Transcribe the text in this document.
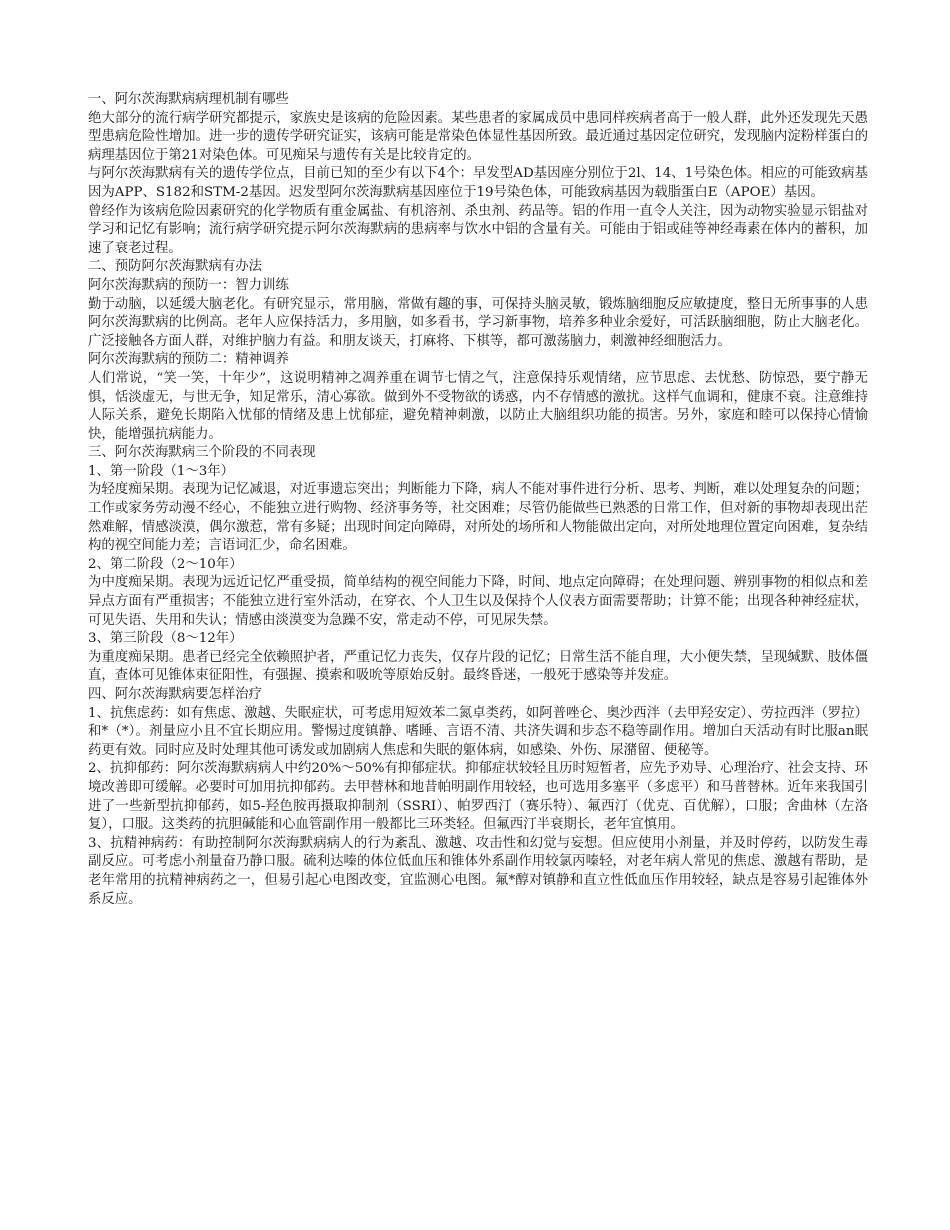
一、阿尔茨海默病病理机制有哪些

绝大部分的流行病学研究都提示，家族史是该病的危险因素。某些患者的家属成员中患同样疾病者高于一般人群，此外还发现先天愚型患病危险性增加。进一步的遗传学研究证实，该病可能是常染色体显性基因所致。最近通过基因定位研究，发现脑内淀粉样蛋白的病理基因位于第21对染色体。可见痴呆与遗传有关是比较肯定的。

与阿尔茨海默病有关的遗传学位点，目前已知的至少有以下4个：早发型AD基因座分别位于2l、14、1号染色体。相应的可能致病基因为APP、S182和STM-2基因。迟发型阿尔茨海默病基因座位于19号染色体，可能致病基因为载脂蛋白E（APOE）基因。

曾经作为该病危险因素研究的化学物质有重金属盐、有机溶剂、杀虫剂、药品等。铝的作用一直令人关注，因为动物实验显示铝盐对学习和记忆有影响；流行病学研究提示阿尔茨海默病的患病率与饮水中铝的含量有关。可能由于铝或硅等神经毒素在体内的蓄积，加速了衰老过程。

二、预防阿尔茨海默病有办法

阿尔茨海默病的预防一：智力训练

勤于动脑，以延缓大脑老化。有研究显示，常用脑，常做有趣的事，可保持头脑灵敏，锻炼脑细胞反应敏捷度，整日无所事事的人患阿尔茨海默病的比例高。老年人应保持活力，多用脑，如多看书，学习新事物，培养多种业余爱好，可活跃脑细胞，防止大脑老化。广泛接触各方面人群，对维护脑力有益。和朋友谈天，打麻将、下棋等，都可激荡脑力，刺激神经细胞活力。

阿尔茨海默病的预防二：精神调养

人们常说，“笑一笑，十年少”，这说明精神之凋养重在调节七情之气，注意保持乐观情绪，应节思虑、去忧愁、防惊恐，要宁静无惧，恬淡虚无，与世无争，知足常乐，清心寡欲。做到外不受物欲的诱惑，内不存情感的激扰。这样气血调和，健康不衰。注意维持人际关系，避免长期陷入忧郁的情绪及患上忧郁症，避免精神刺激，以防止大脑组织功能的损害。另外，家庭和睦可以保持心情愉快，能增强抗病能力。

三、阿尔茨海默病三个阶段的不同表现

1、第一阶段（1～3年）

为轻度痴呆期。表现为记忆减退，对近事遗忘突出；判断能力下降，病人不能对事件进行分析、思考、判断，难以处理复杂的问题；工作或家务劳动漫不经心，不能独立进行购物、经济事务等，社交困难；尽管仍能做些已熟悉的日常工作，但对新的事物却表现出茫然难解，情感淡漠，偶尔激惹，常有多疑；出现时间定向障碍，对所处的场所和人物能做出定向，对所处地理位置定向困难，复杂结构的视空间能力差；言语词汇少，命名困难。

2、第二阶段（2～10年）

为中度痴呆期。表现为远近记忆严重受损，简单结构的视空间能力下降，时间、地点定向障碍；在处理问题、辨别事物的相似点和差异点方面有严重损害；不能独立进行室外活动，在穿衣、个人卫生以及保持个人仪表方面需要帮助；计算不能；出现各种神经症状，可见失语、失用和失认；情感由淡漠变为急躁不安，常走动不停，可见尿失禁。

3、第三阶段（8～12年）

为重度痴呆期。患者已经完全依赖照护者，严重记忆力丧失，仅存片段的记忆；日常生活不能自理，大小便失禁，呈现缄默、肢体僵直，查体可见锥体束征阳性，有强握、摸索和吸吮等原始反射。最终昏迷，一般死于感染等并发症。

四、阿尔茨海默病要怎样治疗

1、抗焦虑药：如有焦虑、激越、失眠症状，可考虑用短效苯二氮卓类药，如阿普唑仑、奥沙西泮（去甲羟安定）、劳拉西泮（罗拉）和*（*）。剂量应小且不宜长期应用。警惕过度镇静、嗜睡、言语不清、共济失调和步态不稳等副作用。增加白天活动有时比服an眠药更有效。同时应及时处理其他可诱发或加剧病人焦虑和失眠的躯体病，如感染、外伤、尿潴留、便秘等。

2、抗抑郁药：阿尔茨海默病病人中约20%～50%有抑郁症状。抑郁症状较轻且历时短暂者，应先予劝导、心理治疗、社会支持、环境改善即可缓解。必要时可加用抗抑郁药。去甲替林和地昔帕明副作用较轻，也可选用多塞平（多虑平）和马普替林。近年来我国引进了一些新型抗抑郁药，如5-羟色胺再摄取抑制剂（SSRI）、帕罗西汀（赛乐特）、氟西汀（优克、百优解），口服；舍曲林（左洛复），口服。这类药的抗胆碱能和心血管副作用一般都比三环类轻。但氟西汀半衰期长，老年宜慎用。

3、抗精神病药：有助控制阿尔茨海默病病人的行为紊乱、激越、攻击性和幻觉与妄想。但应使用小剂量，并及时停药，以防发生毒副反应。可考虑小剂量奋乃静口服。硫利达嗪的体位低血压和锥体外系副作用较氯丙嗪轻，对老年病人常见的焦虑、激越有帮助，是老年常用的抗精神病药之一，但易引起心电图改变，宜监测心电图。氟*醇对镇静和直立性低血压作用较轻，缺点是容易引起锥体外系反应。
